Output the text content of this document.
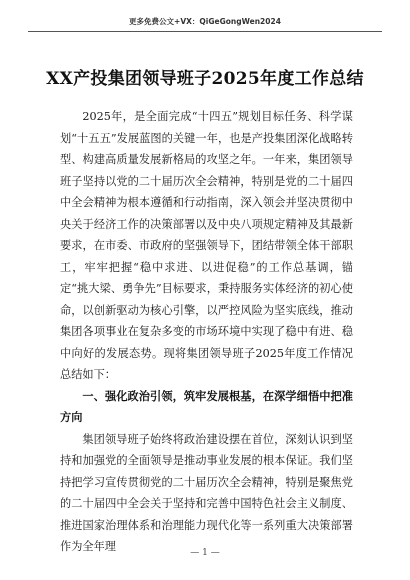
更多免费公文+VX：QiGeGongWen2024
XX产投集团领导班子2025年度工作总结

2025年，是全面完成“十四五”规划目标任务、科学谋划“十五五”发展蓝图的关键一年，也是产投集团深化战略转型、构建高质量发展新格局的攻坚之年。一年来，集团领导班子坚持以党的二十届历次全会精神，特别是党的二十届四中全会精神为根本遵循和行动指南，深入领会并坚决贯彻中央关于经济工作的决策部署以及中央八项规定精神及其最新要求，在市委、市政府的坚强领导下，团结带领全体干部职工，牢牢把握“稳中求进、以进促稳”的工作总基调，锚定“挑大梁、勇争先”目标要求，秉持服务实体经济的初心使命，以创新驱动为核心引擎，以严控风险为坚实底线，推动集团各项事业在复杂多变的市场环境中实现了稳中有进、稳中向好的发展态势。现将集团领导班子2025年度工作情况总结如下：

一、强化政治引领，筑牢发展根基，在深学细悟中把准方向

集团领导班子始终将政治建设摆在首位，深刻认识到坚持和加强党的全面领导是推动事业发展的根本保证。我们坚持把学习宣传贯彻党的二十届历次全会精神，特别是聚焦党的二十届四中全会关于坚持和完善中国特色社会主义制度、推进国家治理体系和治理能力现代化等一系列重大决策部署作为全年理	— 1 —
